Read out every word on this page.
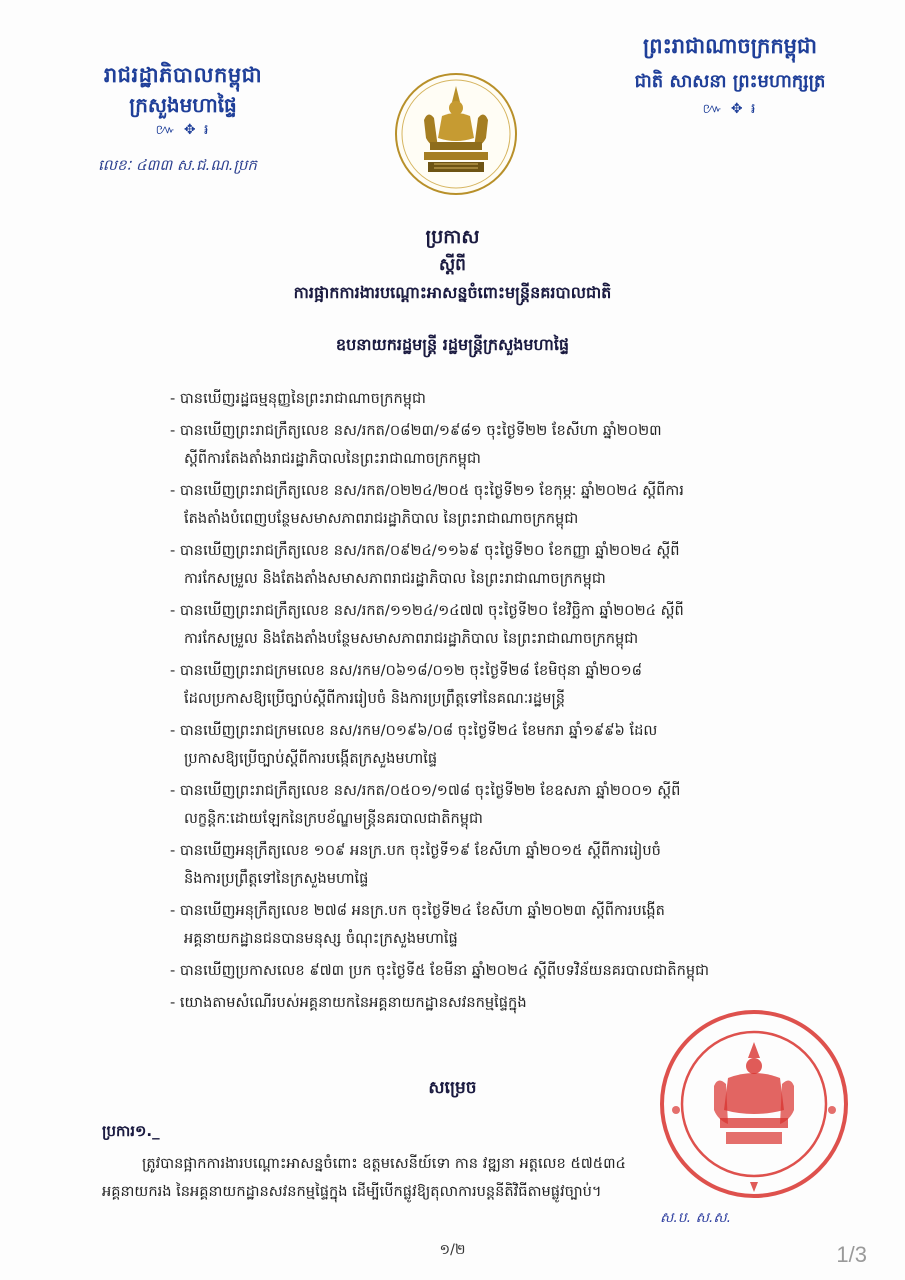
រាជរដ្ឋាភិបាលកម្ពុជា
ក្រសួងមហាផ្ទៃ
៚ ✥ ៛
លេខៈ ៤៣៣ ស.ជ.ណ.ប្រក
ព្រះរាជាណាចក្រកម្ពុជា
ជាតិ សាសនា ព្រះមហាក្សត្រ
៚ ✥ ៛
ប្រកាស
ស្តីពី
ការផ្អាកការងារបណ្តោះអាសន្នចំពោះមន្ត្រីនគរបាលជាតិ
ឧបនាយករដ្ឋមន្ត្រី រដ្ឋមន្ត្រីក្រសួងមហាផ្ទៃ
- បានឃើញរដ្ឋធម្មនុញ្ញនៃព្រះរាជាណាចក្រកម្ពុជា
- បានឃើញព្រះរាជក្រឹត្យលេខ នស/រកត/០៨២៣/១៩៨១ ចុះថ្ងៃទី២២ ខែសីហា ឆ្នាំ២០២៣
ស្តីពីការតែងតាំងរាជរដ្ឋាភិបាលនៃព្រះរាជាណាចក្រកម្ពុជា
- បានឃើញព្រះរាជក្រឹត្យលេខ នស/រកត/០២២៤/២០៥ ចុះថ្ងៃទី២១ ខែកុម្ភៈ ឆ្នាំ២០២៤ ស្តីពីការ
តែងតាំងបំពេញបន្ថែមសមាសភាពរាជរដ្ឋាភិបាល នៃព្រះរាជាណាចក្រកម្ពុជា
- បានឃើញព្រះរាជក្រឹត្យលេខ នស/រកត/០៩២៤/១១៦៩ ចុះថ្ងៃទី២០ ខែកញ្ញា ឆ្នាំ២០២៤ ស្តីពី
ការកែសម្រួល និងតែងតាំងសមាសភាពរាជរដ្ឋាភិបាល នៃព្រះរាជាណាចក្រកម្ពុជា
- បានឃើញព្រះរាជក្រឹត្យលេខ នស/រកត/១១២៤/១៤៧៧ ចុះថ្ងៃទី២០ ខែវិច្ឆិកា ឆ្នាំ២០២៤ ស្តីពី
ការកែសម្រួល និងតែងតាំងបន្ថែមសមាសភាពរាជរដ្ឋាភិបាល នៃព្រះរាជាណាចក្រកម្ពុជា
- បានឃើញព្រះរាជក្រមលេខ នស/រកម/០៦១៨/០១២ ចុះថ្ងៃទី២៨ ខែមិថុនា ឆ្នាំ២០១៨
ដែលប្រកាសឱ្យប្រើច្បាប់ស្តីពីការរៀបចំ និងការប្រព្រឹត្តទៅនៃគណៈរដ្ឋមន្ត្រី
- បានឃើញព្រះរាជក្រមលេខ នស/រកម/០១៩៦/០៨ ចុះថ្ងៃទី២៤ ខែមករា ឆ្នាំ១៩៩៦ ដែល
ប្រកាសឱ្យប្រើច្បាប់ស្តីពីការបង្កើតក្រសួងមហាផ្ទៃ
- បានឃើញព្រះរាជក្រឹត្យលេខ នស/រកត/០៥០១/១៧៨ ចុះថ្ងៃទី២២ ខែឧសភា ឆ្នាំ២០០១ ស្តីពី
លក្ខន្តិកៈដោយឡែកនៃក្របខ័ណ្ឌមន្ត្រីនគរបាលជាតិកម្ពុជា
- បានឃើញអនុក្រឹត្យលេខ ១០៩ អនក្រ.បក ចុះថ្ងៃទី១៩ ខែសីហា ឆ្នាំ២០១៥ ស្តីពីការរៀបចំ
និងការប្រព្រឹត្តទៅនៃក្រសួងមហាផ្ទៃ
- បានឃើញអនុក្រឹត្យលេខ ២៧៨ អនក្រ.បក ចុះថ្ងៃទី២៤ ខែសីហា ឆ្នាំ២០២៣ ស្តីពីការបង្កើត
អគ្គនាយកដ្ឋានជនបានមនុស្ស ចំណុះក្រសួងមហាផ្ទៃ
- បានឃើញប្រកាសលេខ ៩៧៣ ប្រក ចុះថ្ងៃទី៥ ខែមីនា ឆ្នាំ២០២៤ ស្តីពីបទវិន័យនគរបាលជាតិកម្ពុជា
- យោងតាមសំណើរបស់អគ្គនាយកនៃអគ្គនាយកដ្ឋានសវនកម្មផ្ទៃក្នុង
សម្រេច
ប្រការ១._
ត្រូវបានផ្អាកការងារបណ្តោះអាសន្នចំពោះ ឧត្តមសេនីយ៍ទោ កាន វឌ្ឍនា អត្តលេខ ៥៧៥៣៤
អគ្គនាយករង នៃអគ្គនាយកដ្ឋានសវនកម្មផ្ទៃក្នុង ដើម្បីបើកផ្លូវឱ្យតុលាការបន្តនីតិវិធីតាមផ្លូវច្បាប់។
ស.ប. ស.ស.
១/២	1/3
